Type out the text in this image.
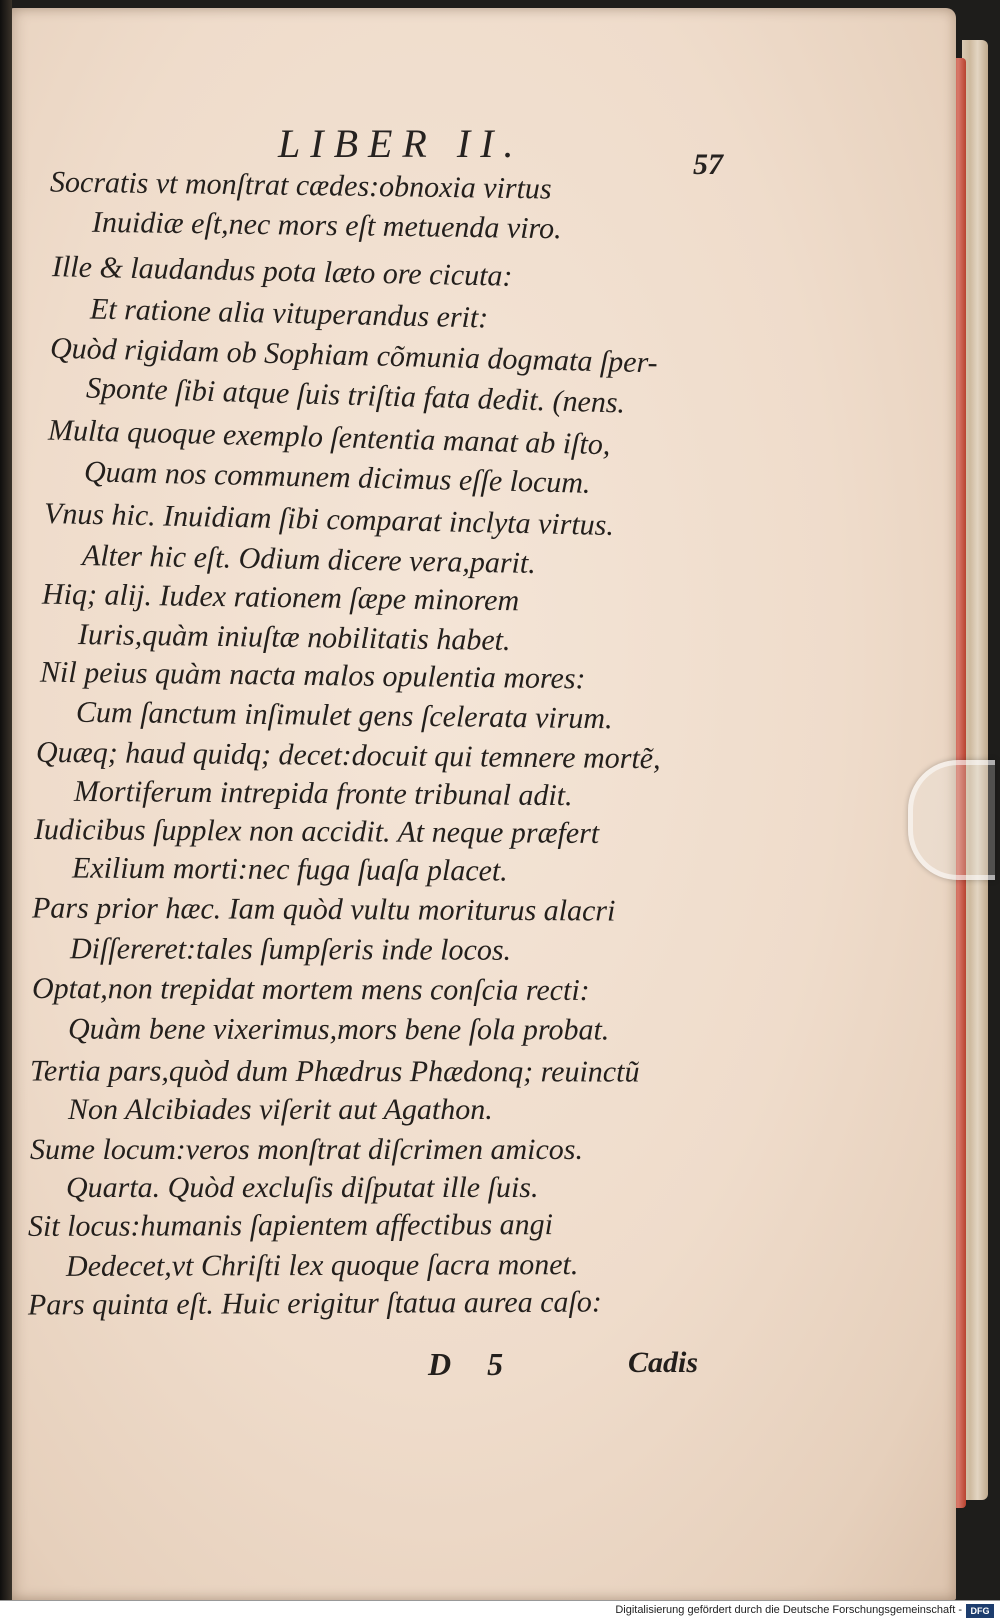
LIBER II.	57
Socratis vt monſtrat cædes:obnoxia virtus
Inuidiæ eſt,nec mors eſt metuenda viro.
Ille & laudandus pota læto ore cicuta:
Et ratione alia vituperandus erit:
Quòd rigidam ob Sophiam cõmunia dogmata ſper-
Sponte ſibi atque ſuis triſtia fata dedit. (nens.
Multa quoque exemplo ſententia manat ab iſto,
Quam nos communem dicimus eſſe locum.
Vnus hic. Inuidiam ſibi comparat inclyta virtus.
Alter hic eſt. Odium dicere vera,parit.
Hiq; alij. Iudex rationem ſæpe minorem
Iuris,quàm iniuſtæ nobilitatis habet.
Nil peius quàm nacta malos opulentia mores:
Cum ſanctum inſimulet gens ſcelerata virum.
Quæq; haud quidq; decet:docuit qui temnere mortẽ,
Mortiferum intrepida fronte tribunal adit.
Iudicibus ſupplex non accidit. At neque præfert
Exilium morti:nec fuga ſuaſa placet.
Pars prior hæc. Iam quòd vultu moriturus alacri
Diſſereret:tales ſumpſeris inde locos.
Optat,non trepidat mortem mens conſcia recti:
Quàm bene vixerimus,mors bene ſola probat.
Tertia pars,quòd dum Phædrus Phædonq; reuinctũ
Non Alcibiades viſerit aut Agathon.
Sume locum:veros monſtrat diſcrimen amicos.
Quarta. Quòd excluſis diſputat ille ſuis.
Sit locus:humanis ſapientem affectibus angi
Dedecet,vt Chriſti lex quoque ſacra monet.
Pars quinta eſt. Huic erigitur ſtatua aurea caſo:
D 5	Cadis
Digitalisierung gefördert durch die Deutsche Forschungsgemeinschaft - DFG
